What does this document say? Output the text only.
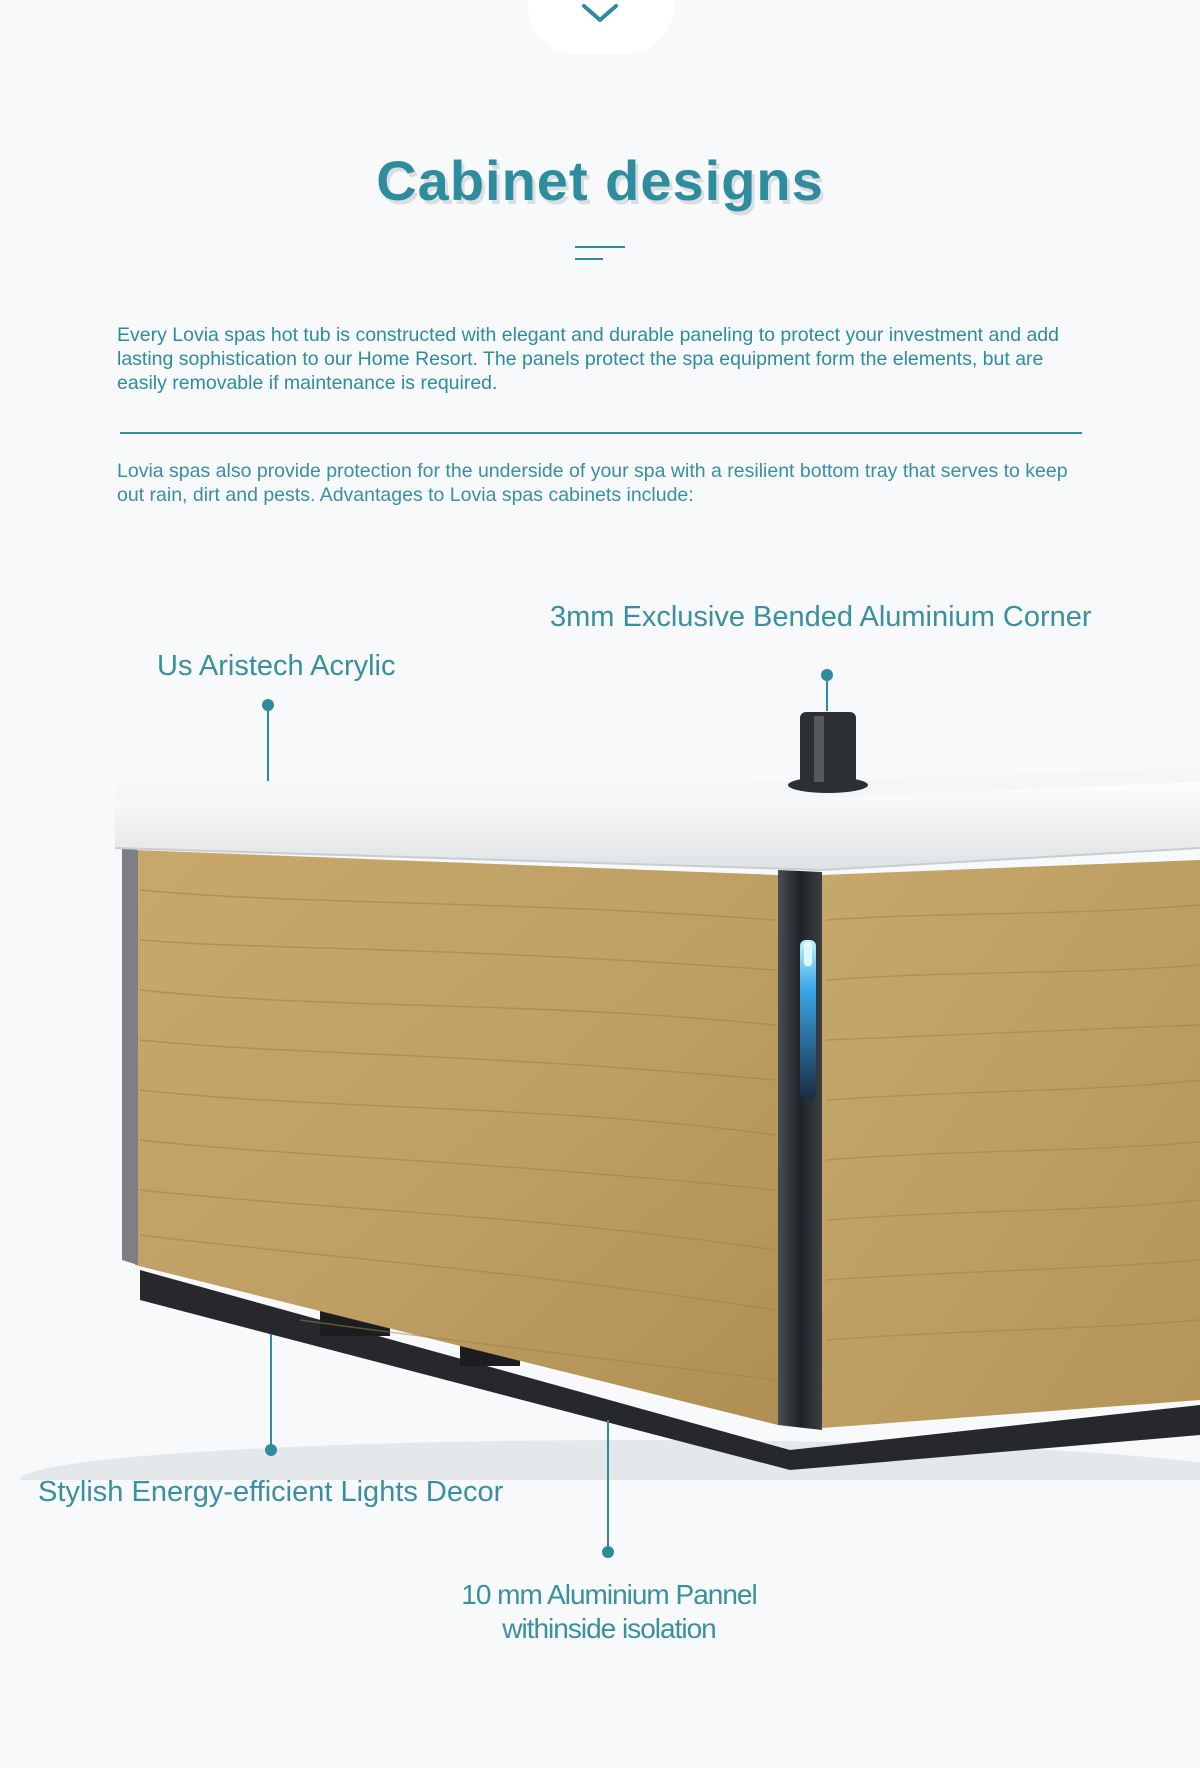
Cabinet designs

Every Lovia spas hot tub is constructed with elegant and durable paneling to protect your investment and add lasting sophistication to our Home Resort. The panels protect the spa equipment form the elements, but are easily removable if maintenance is required.

Lovia spas also provide protection for the underside of your spa with a resilient bottom tray that serves to keep out rain, dirt and pests. Advantages to Lovia spas cabinets include:

Us Aristech Acrylic

3mm Exclusive Bended Aluminium Corner

Stylish Energy-efficient Lights Decor

10 mm Aluminium Pannel
withinside isolation
